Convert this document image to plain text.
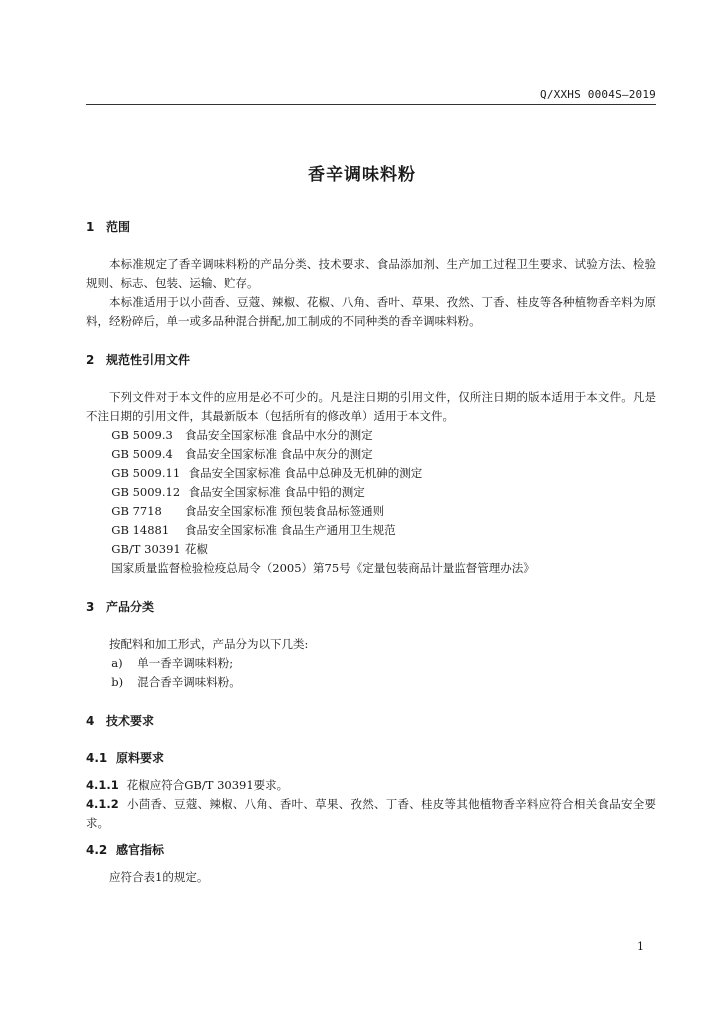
Q/XXHS 0004S—2019
香辛调味料粉
1 范围

本标准规定了香辛调味料粉的产品分类、技术要求、食品添加剂、生产加工过程卫生要求、试验方法、检验规则、标志、包装、运输、贮存。

本标准适用于以小茴香、豆蔻、辣椒、花椒、八角、香叶、草果、孜然、丁香、桂皮等各种植物香辛料为原料，经粉碎后，单一或多品种混合拼配,加工制成的不同种类的香辛调味料粉。

2 规范性引用文件

下列文件对于本文件的应用是必不可少的。凡是注日期的引用文件，仅所注日期的版本适用于本文件。凡是不注日期的引用文件，其最新版本（包括所有的修改单）适用于本文件。

GB 5009.3 食品安全国家标准 食品中水分的测定

GB 5009.4 食品安全国家标准 食品中灰分的测定

GB 5009.11 食品安全国家标准 食品中总砷及无机砷的测定

GB 5009.12 食品安全国家标准 食品中铅的测定

GB 7718 食品安全国家标准 预包装食品标签通则

GB 14881 食品安全国家标准 食品生产通用卫生规范

GB/T 30391 花椒

国家质量监督检验检疫总局令（2005）第75号《定量包装商品计量监督管理办法》

3 产品分类

按配料和加工形式，产品分为以下几类:

a) 单一香辛调味料粉;

b) 混合香辛调味料粉。

4 技术要求
4.1 原料要求

4.1.1 花椒应符合GB/T 30391要求。

4.1.2 小茴香、豆蔻、辣椒、八角、香叶、草果、孜然、丁香、桂皮等其他植物香辛料应符合相关食品安全要求。

4.2 感官指标

应符合表1的规定。

1
